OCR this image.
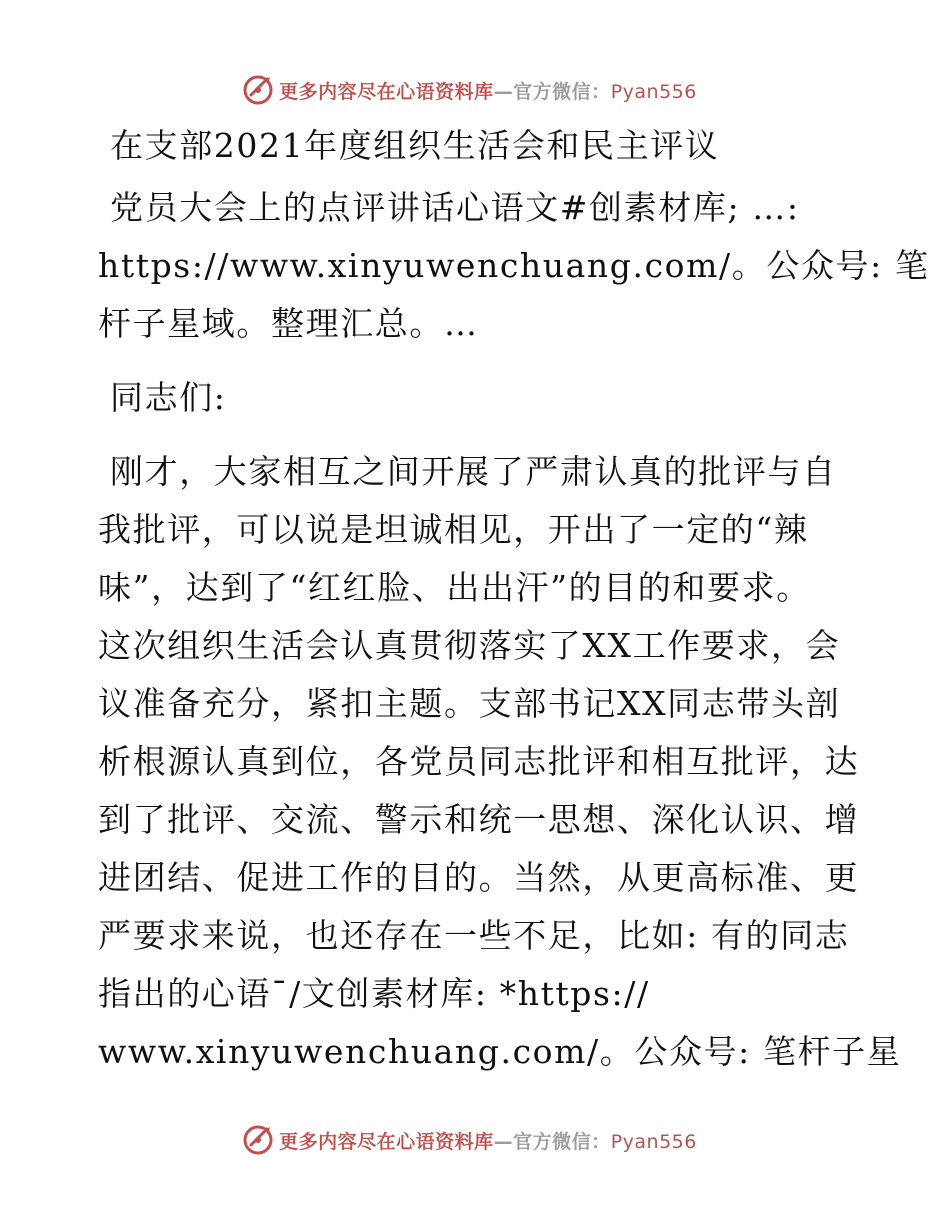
更多内容尽在心语资料库—官方微信：Pyan556
在支部2021年度组织生活会和民主评议
党员大会上的点评讲话心语文#创素材库; …:
https://www.xinyuwenchuang.com/。公众号: 笔
杆子星域。整理汇总。…
同志们:
刚才，大家相互之间开展了严肃认真的批评与自
我批评，可以说是坦诚相见，开出了一定的“辣
味”，达到了“红红脸、出出汗”的目的和要求。
这次组织生活会认真贯彻落实了XX工作要求，会
议准备充分，紧扣主题。支部书记XX同志带头剖
析根源认真到位，各党员同志批评和相互批评，达
到了批评、交流、警示和统一思想、深化认识、增
进团结、促进工作的目的。当然，从更高标准、更
严要求来说，也还存在一些不足，比如: 有的同志
指出的心语¯/文创素材库: *https://
www.xinyuwenchuang.com/。公众号: 笔杆子星
更多内容尽在心语资料库—官方微信：Pyan556
